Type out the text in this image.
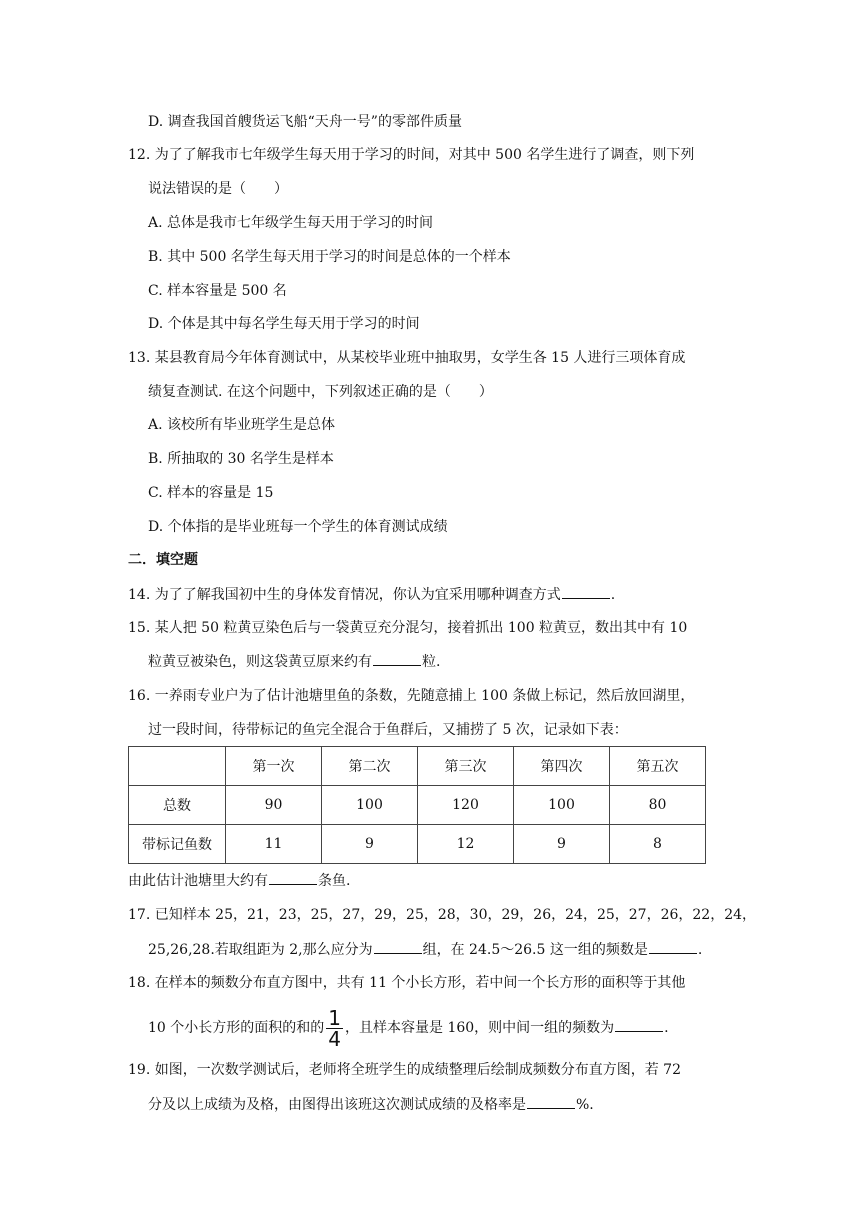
D. 调查我国首艘货运飞船“天舟一号”的零部件质量
12. 为了了解我市七年级学生每天用于学习的时间，对其中 500 名学生进行了调查，则下列
说法错误的是（　　）
A. 总体是我市七年级学生每天用于学习的时间
B. 其中 500 名学生每天用于学习的时间是总体的一个样本
C. 样本容量是 500 名
D. 个体是其中每名学生每天用于学习的时间
13. 某县教育局今年体育测试中，从某校毕业班中抽取男，女学生各 15 人进行三项体育成
绩复查测试. 在这个问题中，下列叙述正确的是（　　）
A. 该校所有毕业班学生是总体
B. 所抽取的 30 名学生是样本
C. 样本的容量是 15
D. 个体指的是毕业班每一个学生的体育测试成绩
二．填空题
14. 为了了解我国初中生的身体发育情况，你认为宜采用哪种调查方式	.
15. 某人把 50 粒黄豆染色后与一袋黄豆充分混匀，接着抓出 100 粒黄豆，数出其中有 10
粒黄豆被染色，则这袋黄豆原来约有	粒.
16. 一养雨专业户为了估计池塘里鱼的条数，先随意捕上 100 条做上标记，然后放回湖里，
过一段时间，待带标记的鱼完全混合于鱼群后，又捕捞了 5 次，记录如下表：
	第一次	第二次	第三次	第四次	第五次
总数	90	100	120	100	80
带标记鱼数	11	9	12	9	8
由此估计池塘里大约有	条鱼.
17. 已知样本 25，21，23，25，27，29，25，28，30，29，26，24，25，27，26，22，24，
25,26,28.若取组距为 2,那么应分为	组，在 24.5～26.5 这一组的频数是	.
18. 在样本的频数分布直方图中，共有 11 个小长方形，若中间一个长方形的面积等于其他
10 个小长方形的面积的和的 $\frac{1}{4}$ ，且样本容量是 160，则中间一组的频数为	.
19. 如图，一次数学测试后，老师将全班学生的成绩整理后绘制成频数分布直方图，若 72
分及以上成绩为及格，由图得出该班这次测试成绩的及格率是	%.
